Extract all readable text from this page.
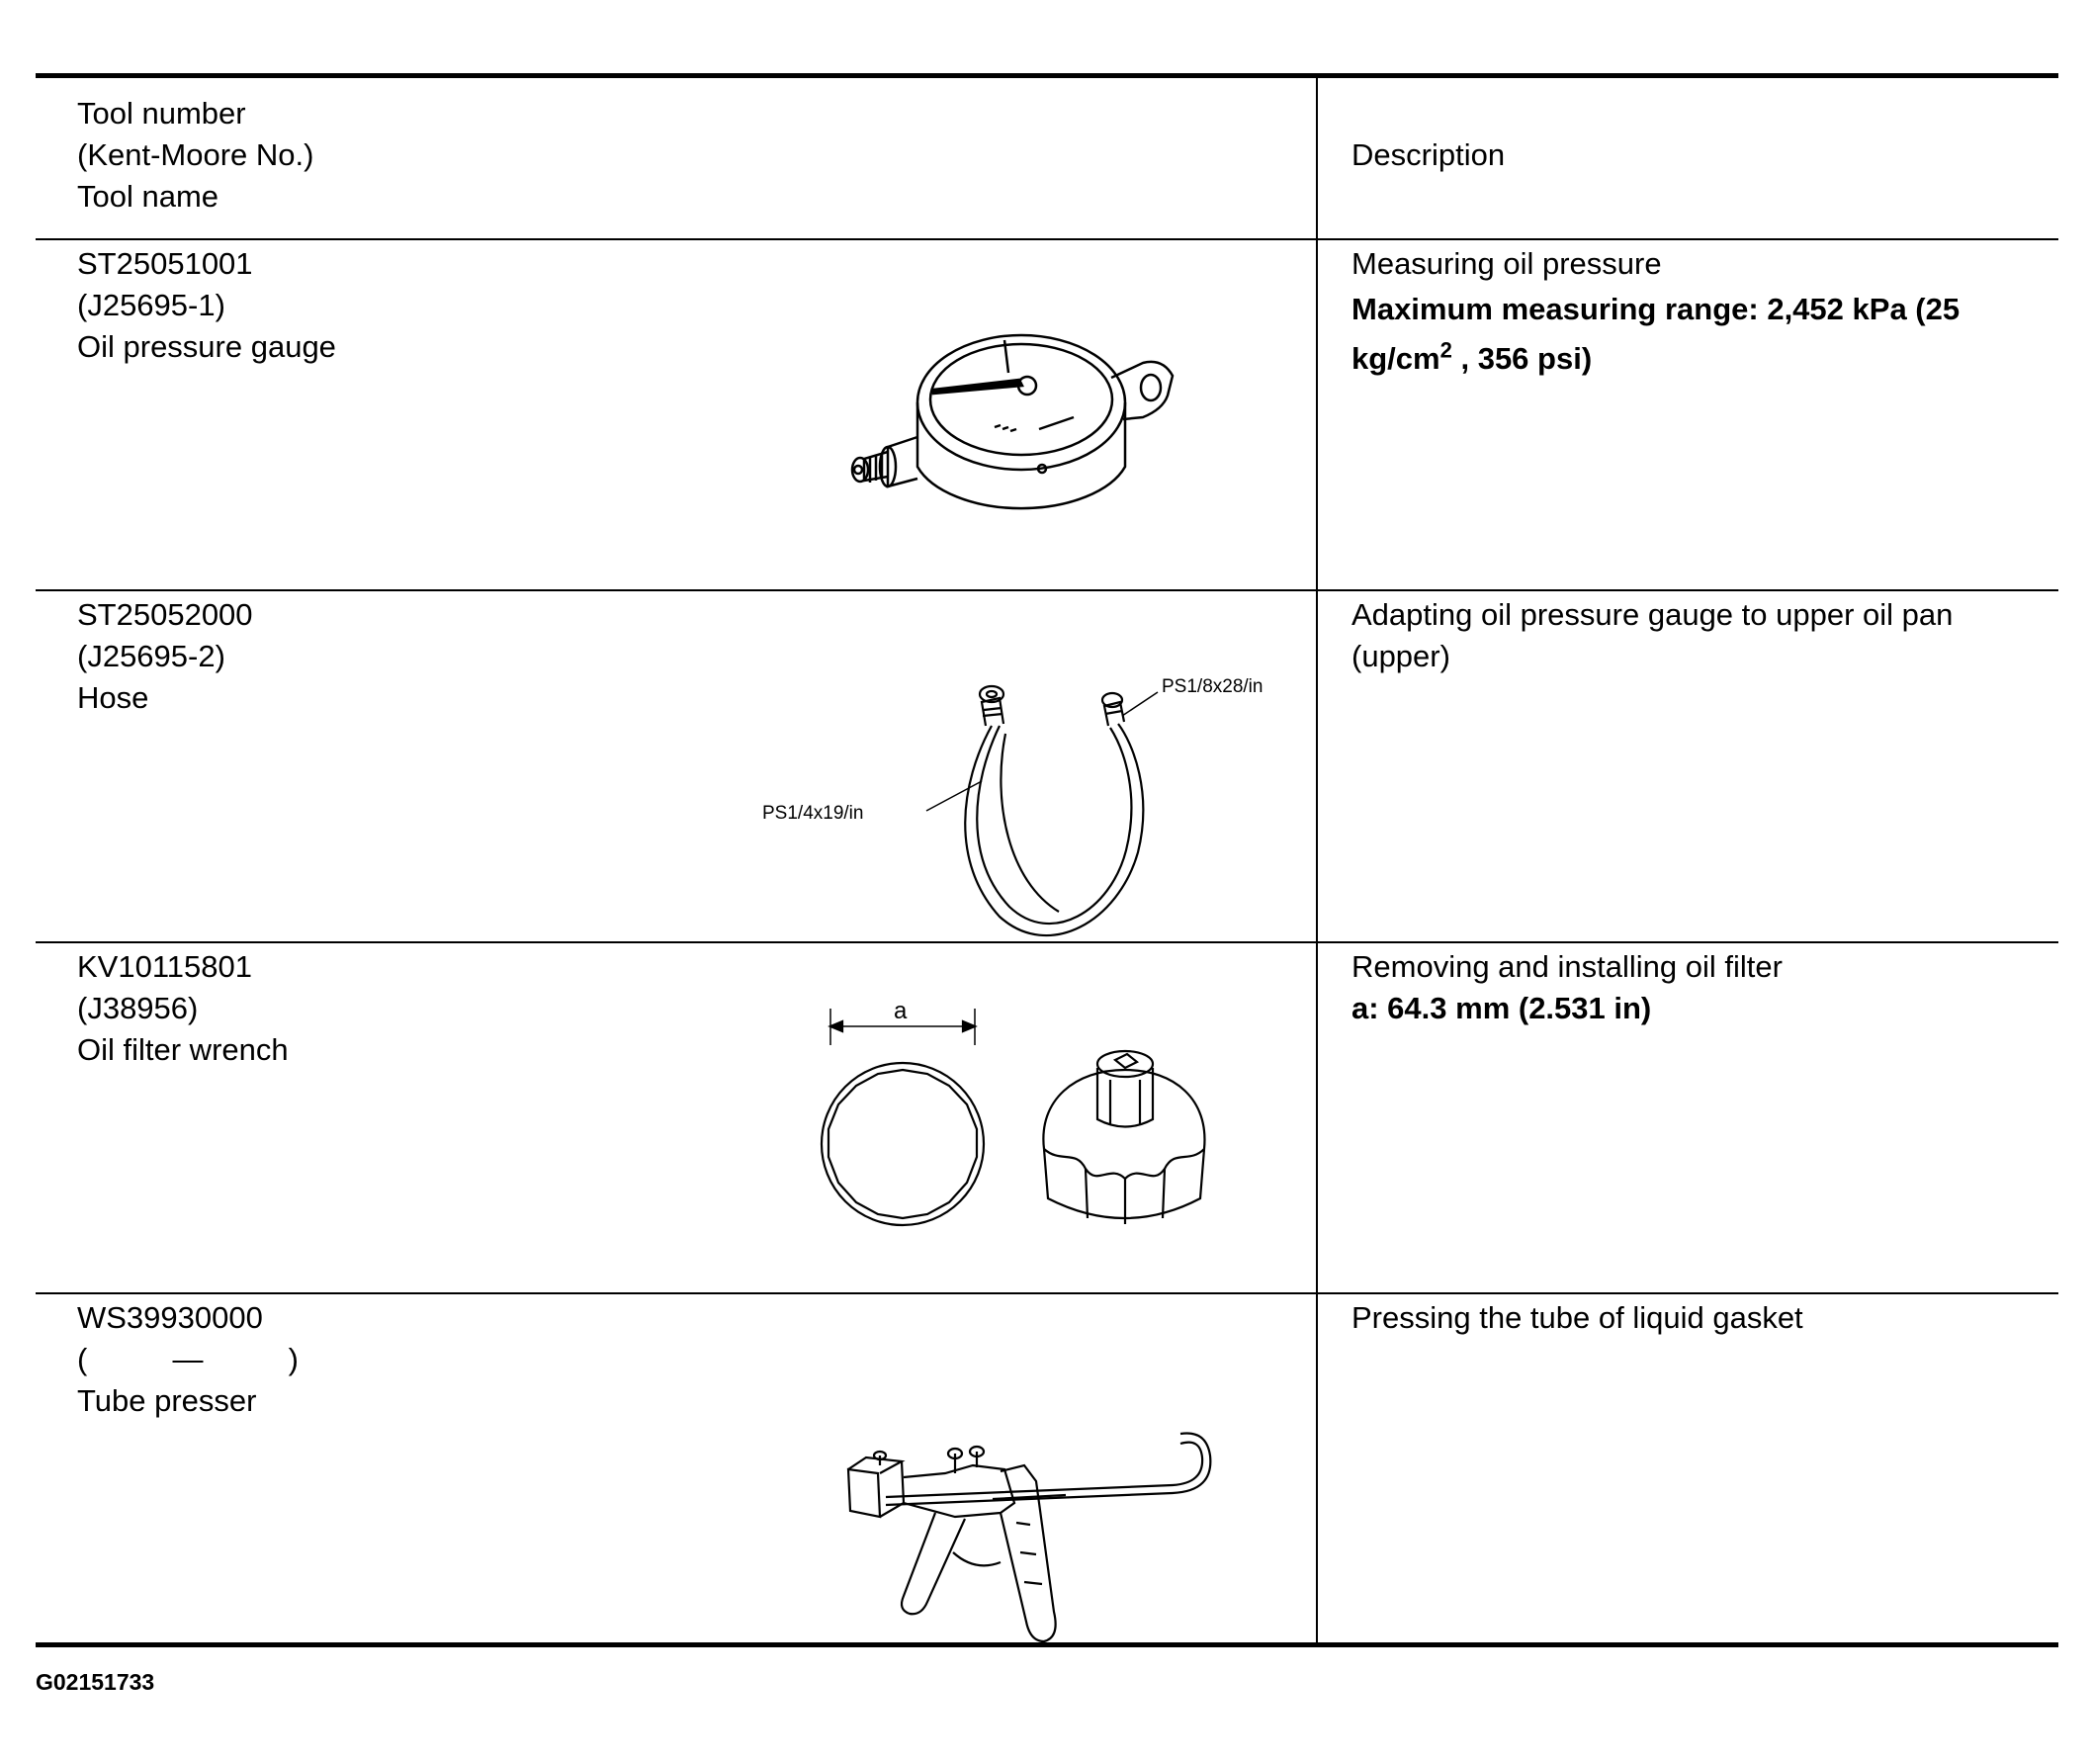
Tool number
(Kent-Moore No.)
Tool name
Description
ST25051001
(J25695-1)
Oil pressure gauge
Measuring oil pressure
Maximum measuring range: 2,452 kPa (25 $kg/cm^2$ , 356 psi)
ST25052000
(J25695-2)
Hose
Adapting oil pressure gauge to upper oil pan (upper)
PS1/8x28/in
PS1/4x19/in
KV10115801
(J38956)
Oil filter wrench
Removing and installing oil filter
a: 64.3 mm (2.531 in)
a
WS39930000
(          —          )
Tube presser
Pressing the tube of liquid gasket
G02151733
